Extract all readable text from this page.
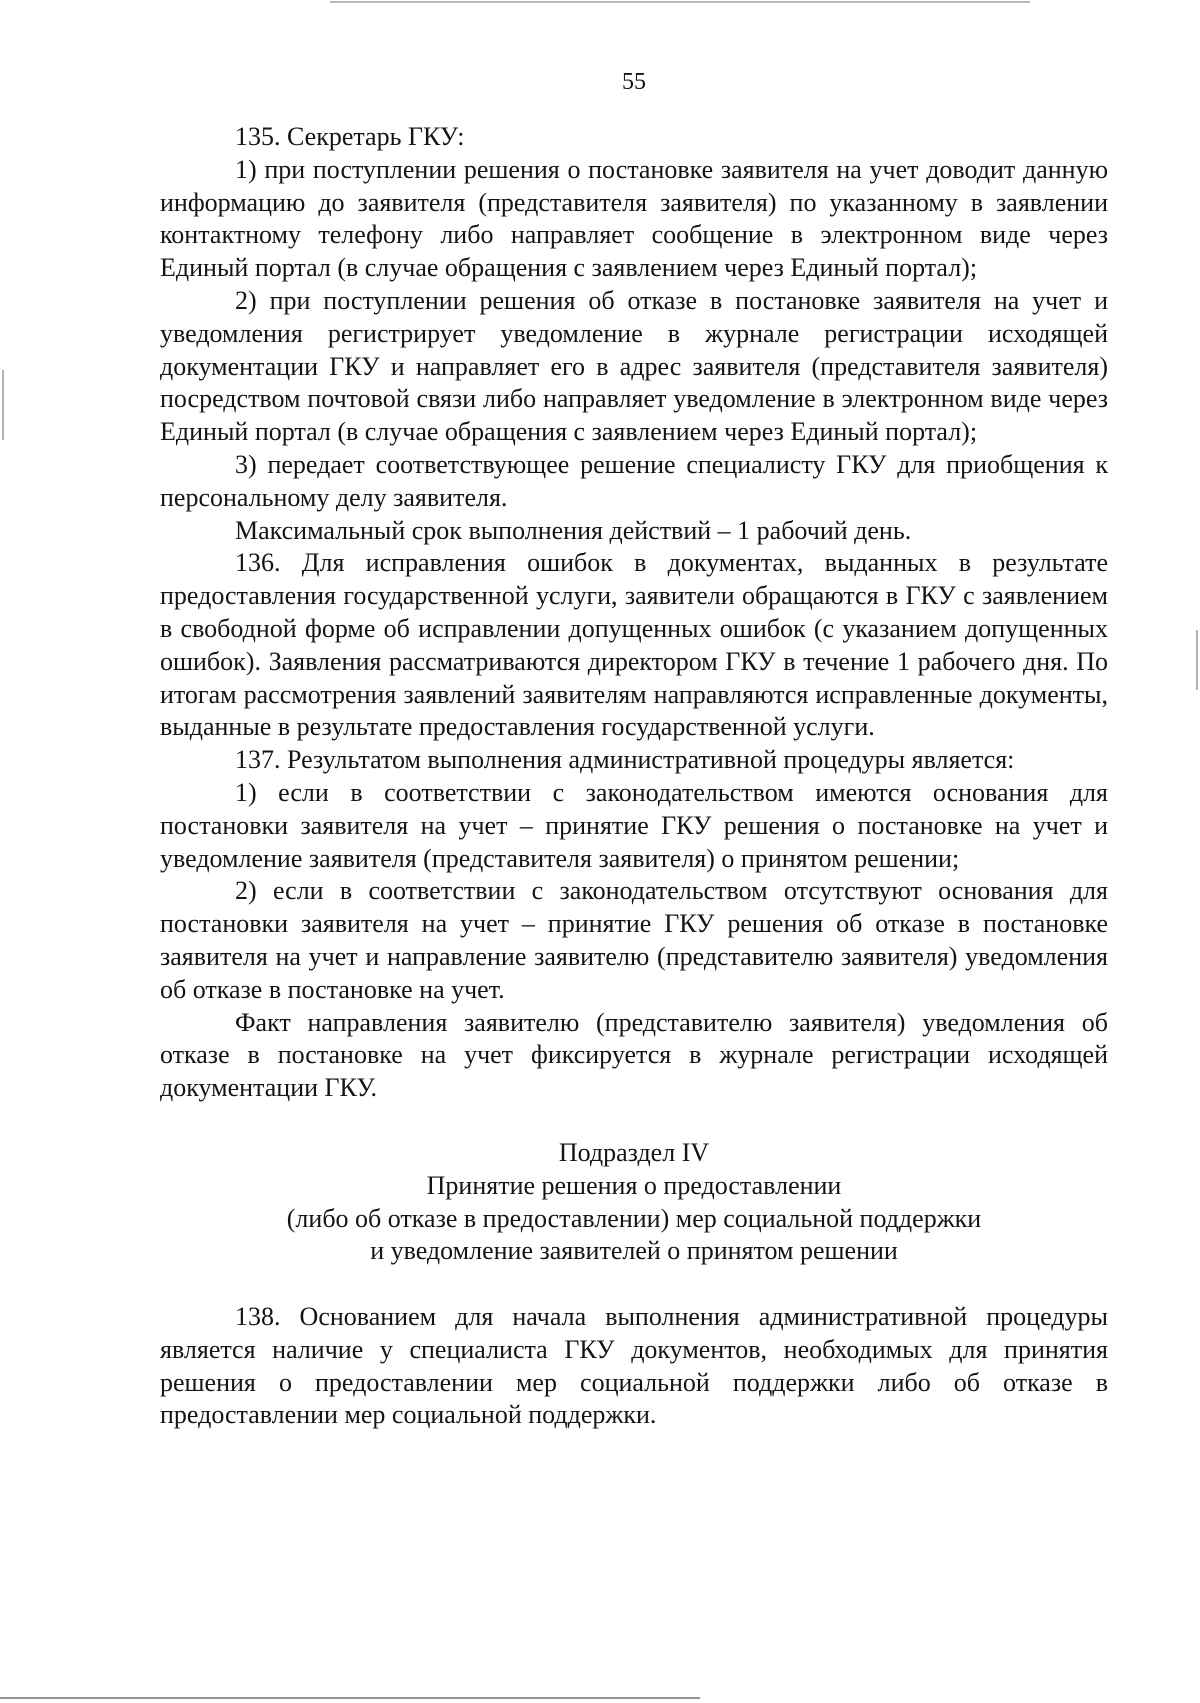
55

135. Секретарь ГКУ:

1) при поступлении решения о постановке заявителя на учет доводит данную информацию до заявителя (представителя заявителя) по указанному в заявлении контактному телефону либо направляет сообщение в электронном виде через Единый портал (в случае обращения с заявлением через Единый портал);

2) при поступлении решения об отказе в постановке заявителя на учет и уведомления регистрирует уведомление в журнале регистрации исходящей документации ГКУ и направляет его в адрес заявителя (представителя заявителя) посредством почтовой связи либо направляет уведомление в электронном виде через Единый портал (в случае обращения с заявлением через Единый портал);

3) передает соответствующее решение специалисту ГКУ для приобщения к персональному делу заявителя.

Максимальный срок выполнения действий – 1 рабочий день.

136. Для исправления ошибок в документах, выданных в результате предоставления государственной услуги, заявители обращаются в ГКУ с заявлением в свободной форме об исправлении допущенных ошибок (с указанием допущенных ошибок). Заявления рассматриваются директором ГКУ в течение 1 рабочего дня. По итогам рассмотрения заявлений заявителям направляются исправленные документы, выданные в результате предоставления государственной услуги.

137. Результатом выполнения административной процедуры является:

1) если в соответствии с законодательством имеются основания для постановки заявителя на учет – принятие ГКУ решения о постановке на учет и уведомление заявителя (представителя заявителя) о принятом решении;

2) если в соответствии с законодательством отсутствуют основания для постановки заявителя на учет – принятие ГКУ решения об отказе в постановке заявителя на учет и направление заявителю (представителю заявителя) уведомления об отказе в постановке на учет.

Факт направления заявителю (представителю заявителя) уведомления об отказе в постановке на учет фиксируется в журнале регистрации исходящей документации ГКУ.

Подраздел IV
Принятие решения о предоставлении
(либо об отказе в предоставлении) мер социальной поддержки
и уведомление заявителей о принятом решении

138. Основанием для начала выполнения административной процедуры является наличие у специалиста ГКУ документов, необходимых для принятия решения о предоставлении мер социальной поддержки либо об отказе в предоставлении мер социальной поддержки.
